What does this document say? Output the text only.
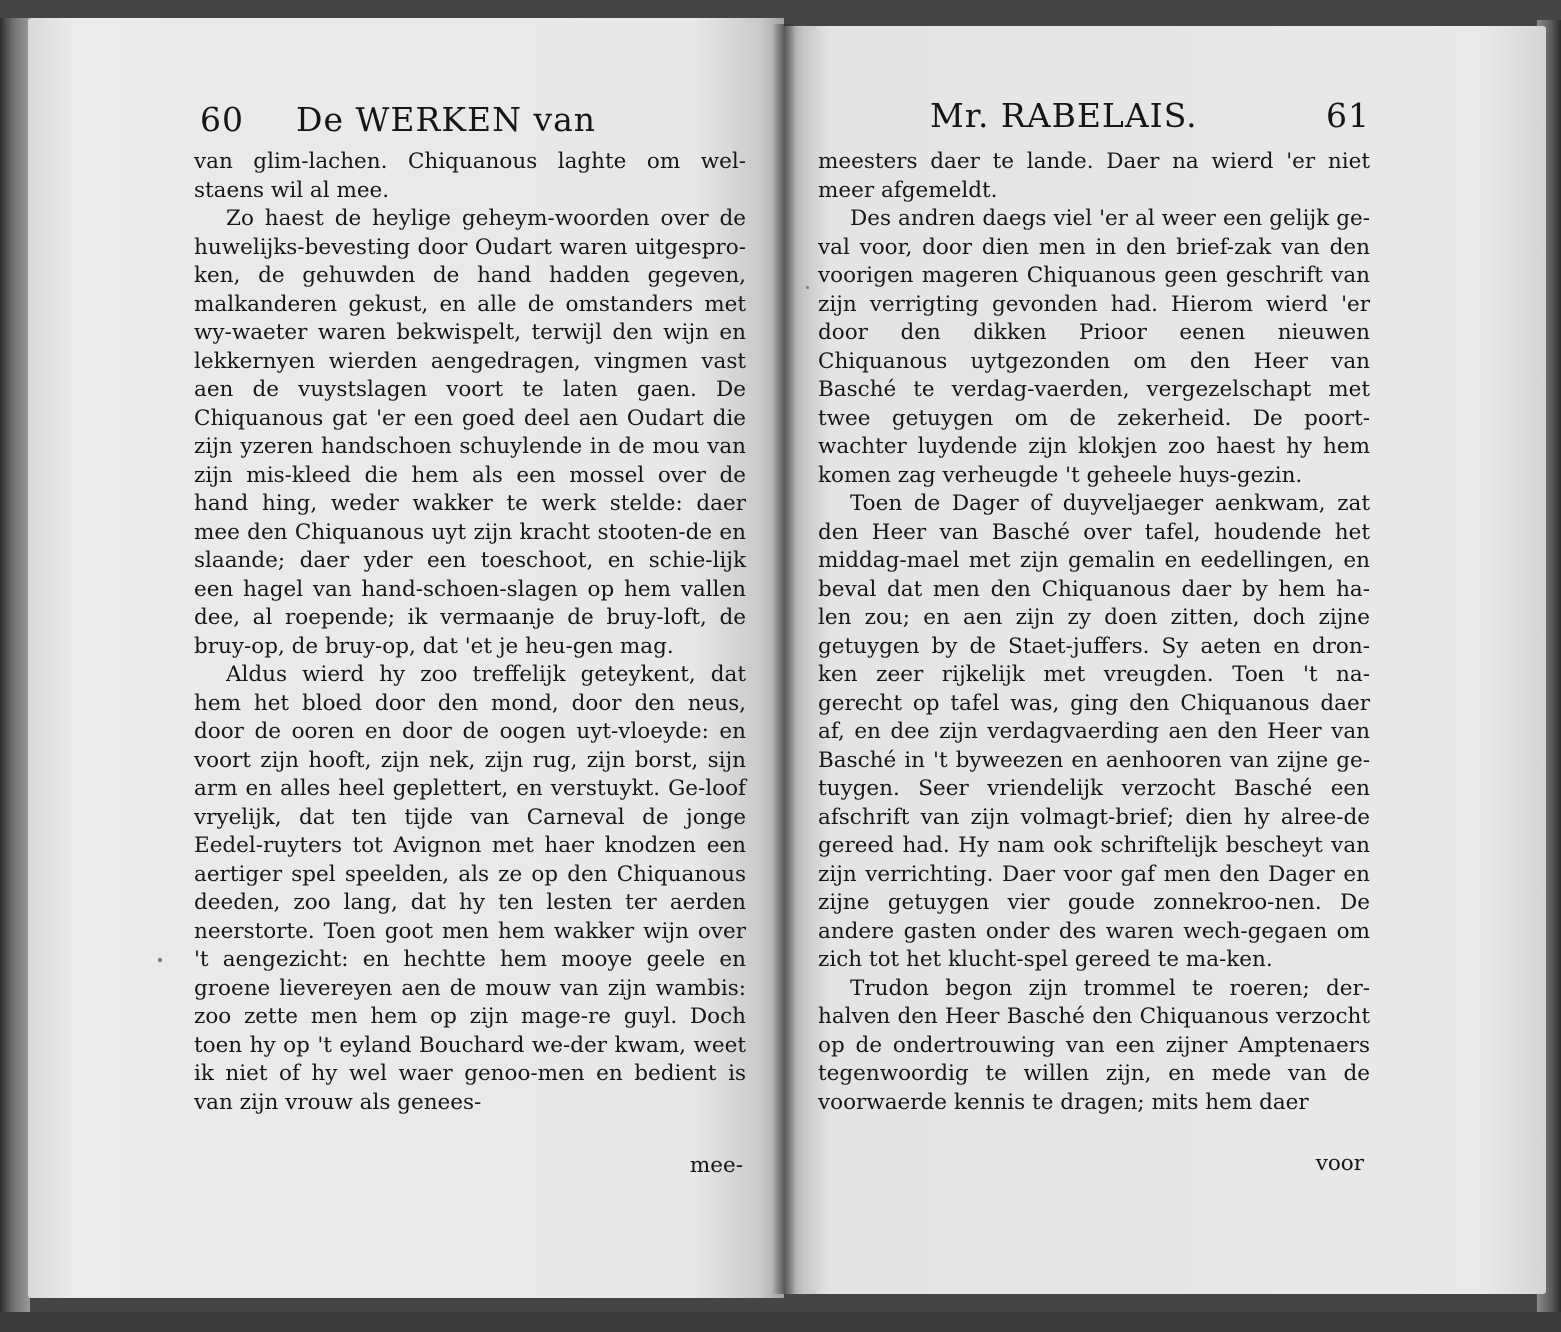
60 De WERKEN van

van glim-lachen. Chiquanous laghte om wel-staens wil al mee.

Zo haest de heylige geheym-woorden over de huwelijks-bevesting door Oudart waren uitgespro-ken, de gehuwden de hand hadden gegeven, malkanderen gekust, en alle de omstanders met wy-waeter waren bekwispelt, terwijl den wijn en lekkernyen wierden aengedragen, vingmen vast aen de vuystslagen voort te laten gaen. De Chiquanous gat 'er een goed deel aen Oudart die zijn yzeren handschoen schuylende in de mou van zijn mis-kleed die hem als een mossel over de hand hing, weder wakker te werk stelde: daer mee den Chiquanous uyt zijn kracht stooten-de en slaande; daer yder een toeschoot, en schie-lijk een hagel van hand-schoen-slagen op hem vallen dee, al roepende; ik vermaanje de bruy-loft, de bruy-op, de bruy-op, dat 'et je heu-gen mag.

Aldus wierd hy zoo treffelijk geteykent, dat hem het bloed door den mond, door den neus, door de ooren en door de oogen uyt-vloeyde: en voort zijn hooft, zijn nek, zijn rug, zijn borst, sijn arm en alles heel geplettert, en verstuykt. Ge-loof vryelijk, dat ten tijde van Carneval de jonge Eedel-ruyters tot Avignon met haer knodzen een aertiger spel speelden, als ze op den Chiquanous deeden, zoo lang, dat hy ten lesten ter aerden neerstorte. Toen goot men hem wakker wijn over 't aengezicht: en hechtte hem mooye geele en groene lievereyen aen de mouw van zijn wambis: zoo zette men hem op zijn mage-re guyl. Doch toen hy op 't eyland Bouchard we-der kwam, weet ik niet of hy wel waer genoo-men en bedient is van zijn vrouw als genees-

mee-
Mr. RABELAIS.	61

meesters daer te lande. Daer na wierd 'er niet meer afgemeldt.

Des andren daegs viel 'er al weer een gelijk ge-val voor, door dien men in den brief-zak van den voorigen mageren Chiquanous geen geschrift van zijn verrigting gevonden had. Hierom wierd 'er door den dikken Prioor eenen nieuwen Chiquanous uytgezonden om den Heer van Basché te verdag-vaerden, vergezelschapt met twee getuygen om de zekerheid. De poort-wachter luydende zijn klokjen zoo haest hy hem komen zag verheugde 't geheele huys-gezin.

Toen de Dager of duyveljaeger aenkwam, zat den Heer van Basché over tafel, houdende het middag-mael met zijn gemalin en eedellingen, en beval dat men den Chiquanous daer by hem ha-len zou; en aen zijn zy doen zitten, doch zijne getuygen by de Staet-juffers. Sy aeten en dron-ken zeer rijkelijk met vreugden. Toen 't na-gerecht op tafel was, ging den Chiquanous daer af, en dee zijn verdagvaerding aen den Heer van Basché in 't byweezen en aenhooren van zijne ge-tuygen. Seer vriendelijk verzocht Basché een afschrift van zijn volmagt-brief; dien hy alree-de gereed had. Hy nam ook schriftelijk bescheyt van zijn verrichting. Daer voor gaf men den Dager en zijne getuygen vier goude zonnekroo-nen. De andere gasten onder des waren wech-gegaen om zich tot het klucht-spel gereed te ma-ken.

Trudon begon zijn trommel te roeren; der-halven den Heer Basché den Chiquanous verzocht op de ondertrouwing van een zijner Amptenaers tegenwoordig te willen zijn, en mede van de voorwaerde kennis te dragen; mits hem daer

voor
